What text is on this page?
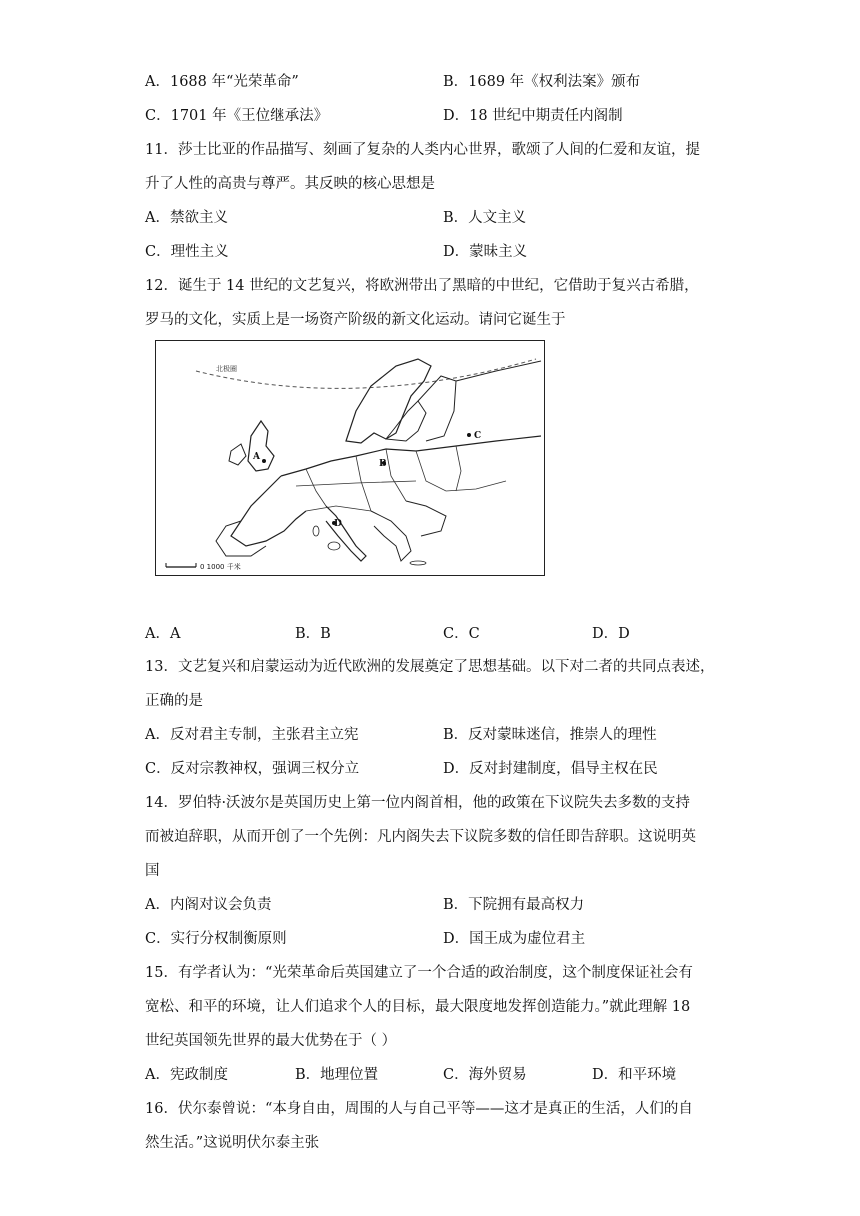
A．1688 年“光荣革命”	B．1689 年《权利法案》颁布
C．1701 年《王位继承法》	D．18 世纪中期责任内阁制
11．莎士比亚的作品描写、刻画了复杂的人类内心世界，歌颂了人间的仁爱和友谊，提
升了人性的高贵与尊严。其反映的核心思想是
A．禁欲主义	B．人文主义
C．理性主义	D．蒙昧主义
12．诞生于 14 世纪的文艺复兴，将欧洲带出了黑暗的中世纪，它借助于复兴古希腊，
罗马的文化，实质上是一场资产阶级的新文化运动。请问它诞生于
北极圈
A
B
C
D
0 1000 千米
A．A	B．B	C．C	D．D
13．文艺复兴和启蒙运动为近代欧洲的发展奠定了思想基础。以下对二者的共同点表述，
正确的是
A．反对君主专制，主张君主立宪	B．反对蒙昧迷信，推崇人的理性
C．反对宗教神权，强调三权分立	D．反对封建制度，倡导主权在民
14．罗伯特·沃波尔是英国历史上第一位内阁首相，他的政策在下议院失去多数的支持
而被迫辞职，从而开创了一个先例：凡内阁失去下议院多数的信任即告辞职。这说明英
国
A．内阁对议会负责	B．下院拥有最高权力
C．实行分权制衡原则	D．国王成为虚位君主
15．有学者认为：“光荣革命后英国建立了一个合适的政治制度，这个制度保证社会有
宽松、和平的环境，让人们追求个人的目标，最大限度地发挥创造能力。”就此理解 18
世纪英国领先世界的最大优势在于（ ）
A．宪政制度	B．地理位置	C．海外贸易	D．和平环境
16．伏尔泰曾说：“本身自由，周围的人与自己平等——这才是真正的生活，人们的自
然生活。”这说明伏尔泰主张
